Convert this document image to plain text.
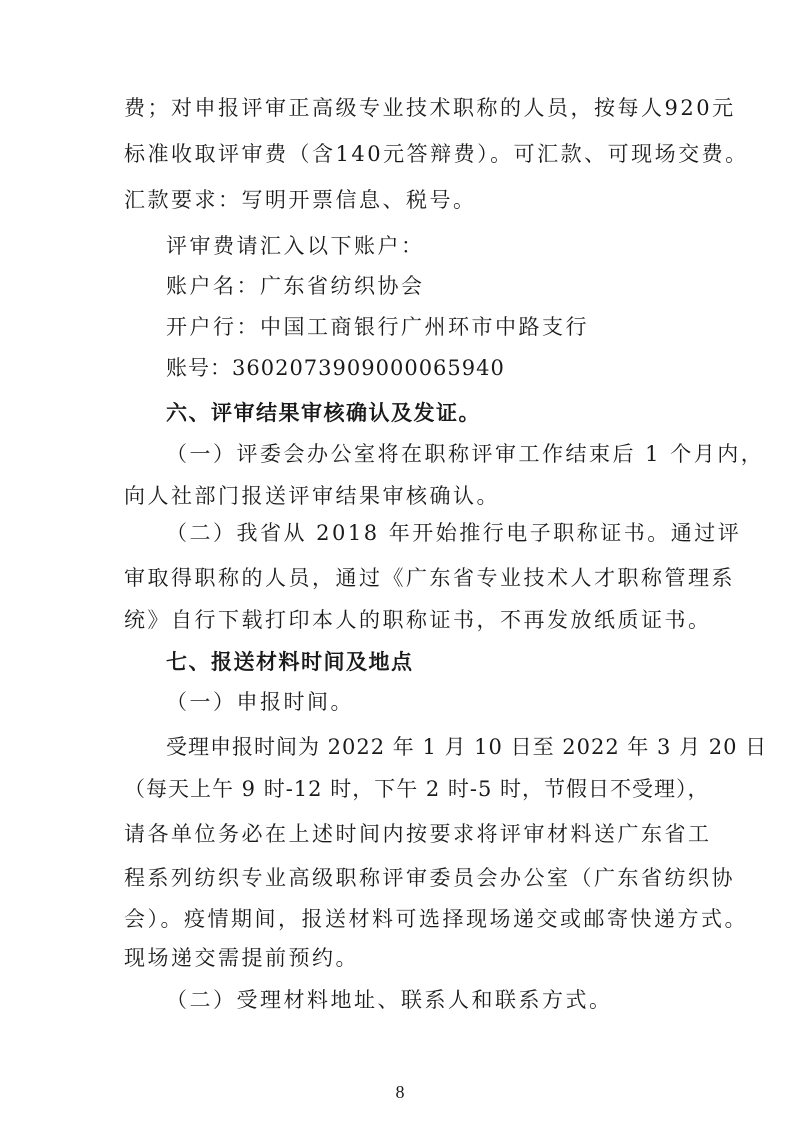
费；对申报评审正高级专业技术职称的人员，按每人920元
标准收取评审费（含140元答辩费）。可汇款、可现场交费。
汇款要求：写明开票信息、税号。
评审费请汇入以下账户：
账户名：广东省纺织协会
开户行：中国工商银行广州环市中路支行
账号：3602073909000065940
六、评审结果审核确认及发证。
（一）评委会办公室将在职称评审工作结束后 1 个月内，
向人社部门报送评审结果审核确认。
（二）我省从 2018 年开始推行电子职称证书。通过评
审取得职称的人员，通过《广东省专业技术人才职称管理系
统》自行下载打印本人的职称证书，不再发放纸质证书。
七、报送材料时间及地点
（一）申报时间。
受理申报时间为 2022 年 1 月 10 日至 2022 年 3 月 20 日
（每天上午 9 时-12 时，下午 2 时-5 时，节假日不受理），
请各单位务必在上述时间内按要求将评审材料送广东省工
程系列纺织专业高级职称评审委员会办公室（广东省纺织协
会）。疫情期间，报送材料可选择现场递交或邮寄快递方式。
现场递交需提前预约。
（二）受理材料地址、联系人和联系方式。
8
